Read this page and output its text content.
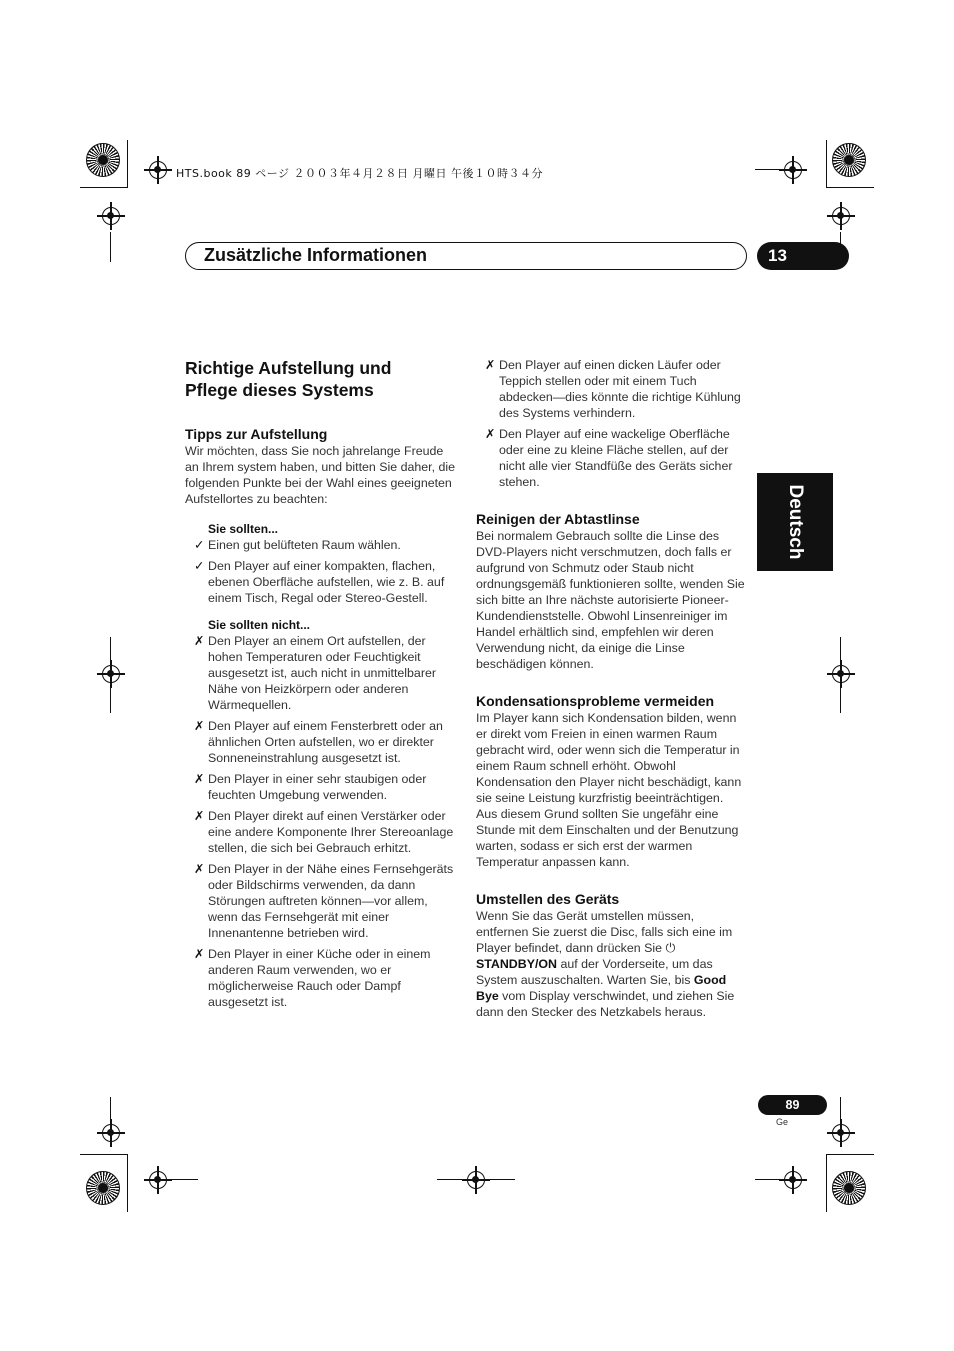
HTS.book 89 ページ ２００３年４月２８日 月曜日 午後１０時３４分
Zusätzliche Informationen	13
Deutsch
Richtige Aufstellung und
Pflege dieses Systems
Tipps zur Aufstellung

Wir möchten, dass Sie noch jahrelange Freude an Ihrem system haben, und bitten Sie daher, die folgenden Punkte bei der Wahl eines geeigneten Aufstellortes zu beachten:

Sie sollten...
✓ Einen gut belüfteten Raum wählen.
✓ Den Player auf einer kompakten, flachen, ebenen Oberfläche aufstellen, wie z. B. auf einem Tisch, Regal oder Stereo-Gestell.
Sie sollten nicht...
✗ Den Player an einem Ort aufstellen, der hohen Temperaturen oder Feuchtigkeit ausgesetzt ist, auch nicht in unmittelbarer Nähe von Heizkörpern oder anderen Wärmequellen.
✗ Den Player auf einem Fensterbrett oder an ähnlichen Orten aufstellen, wo er direkter Sonneneinstrahlung ausgesetzt ist.
✗ Den Player in einer sehr staubigen oder feuchten Umgebung verwenden.
✗ Den Player direkt auf einen Verstärker oder eine andere Komponente Ihrer Stereoanlage stellen, die sich bei Gebrauch erhitzt.
✗ Den Player in der Nähe eines Fernsehgeräts oder Bildschirms verwenden, da dann Störungen auftreten können—vor allem, wenn das Fernsehgerät mit einer Innenantenne betrieben wird.
✗ Den Player in einer Küche oder in einem anderen Raum verwenden, wo er möglicherweise Rauch oder Dampf ausgesetzt ist.
✗ Den Player auf einen dicken Läufer oder Teppich stellen oder mit einem Tuch abdecken—dies könnte die richtige Kühlung des Systems verhindern.
✗ Den Player auf eine wackelige Oberfläche oder eine zu kleine Fläche stellen, auf der nicht alle vier Standfüße des Geräts sicher stehen.
Reinigen der Abtastlinse

Bei normalem Gebrauch sollte die Linse des DVD-Players nicht verschmutzen, doch falls er aufgrund von Schmutz oder Staub nicht ordnungsgemäß funktionieren sollte, wenden Sie sich bitte an Ihre nächste autorisierte Pioneer-Kundendienststelle. Obwohl Linsenreiniger im Handel erhältlich sind, empfehlen wir deren Verwendung nicht, da einige die Linse beschädigen können.

Kondensationsprobleme vermeiden

Im Player kann sich Kondensation bilden, wenn er direkt vom Freien in einen warmen Raum gebracht wird, oder wenn sich die Temperatur in einem Raum schnell erhöht. Obwohl Kondensation den Player nicht beschädigt, kann sie seine Leistung kurzfristig beeinträchtigen. Aus diesem Grund sollten Sie ungefähr eine Stunde mit dem Einschalten und der Benutzung warten, sodass er sich erst der warmen Temperatur anpassen kann.

Umstellen des Geräts

Wenn Sie das Gerät umstellen müssen, entfernen Sie zuerst die Disc, falls sich eine im Player befindet, dann drücken Sie ⏻
STANDBY/ON auf der Vorderseite, um das System auszuschalten. Warten Sie, bis Good Bye vom Display verschwindet, und ziehen Sie dann den Stecker des Netzkabels heraus.

89
Ge
